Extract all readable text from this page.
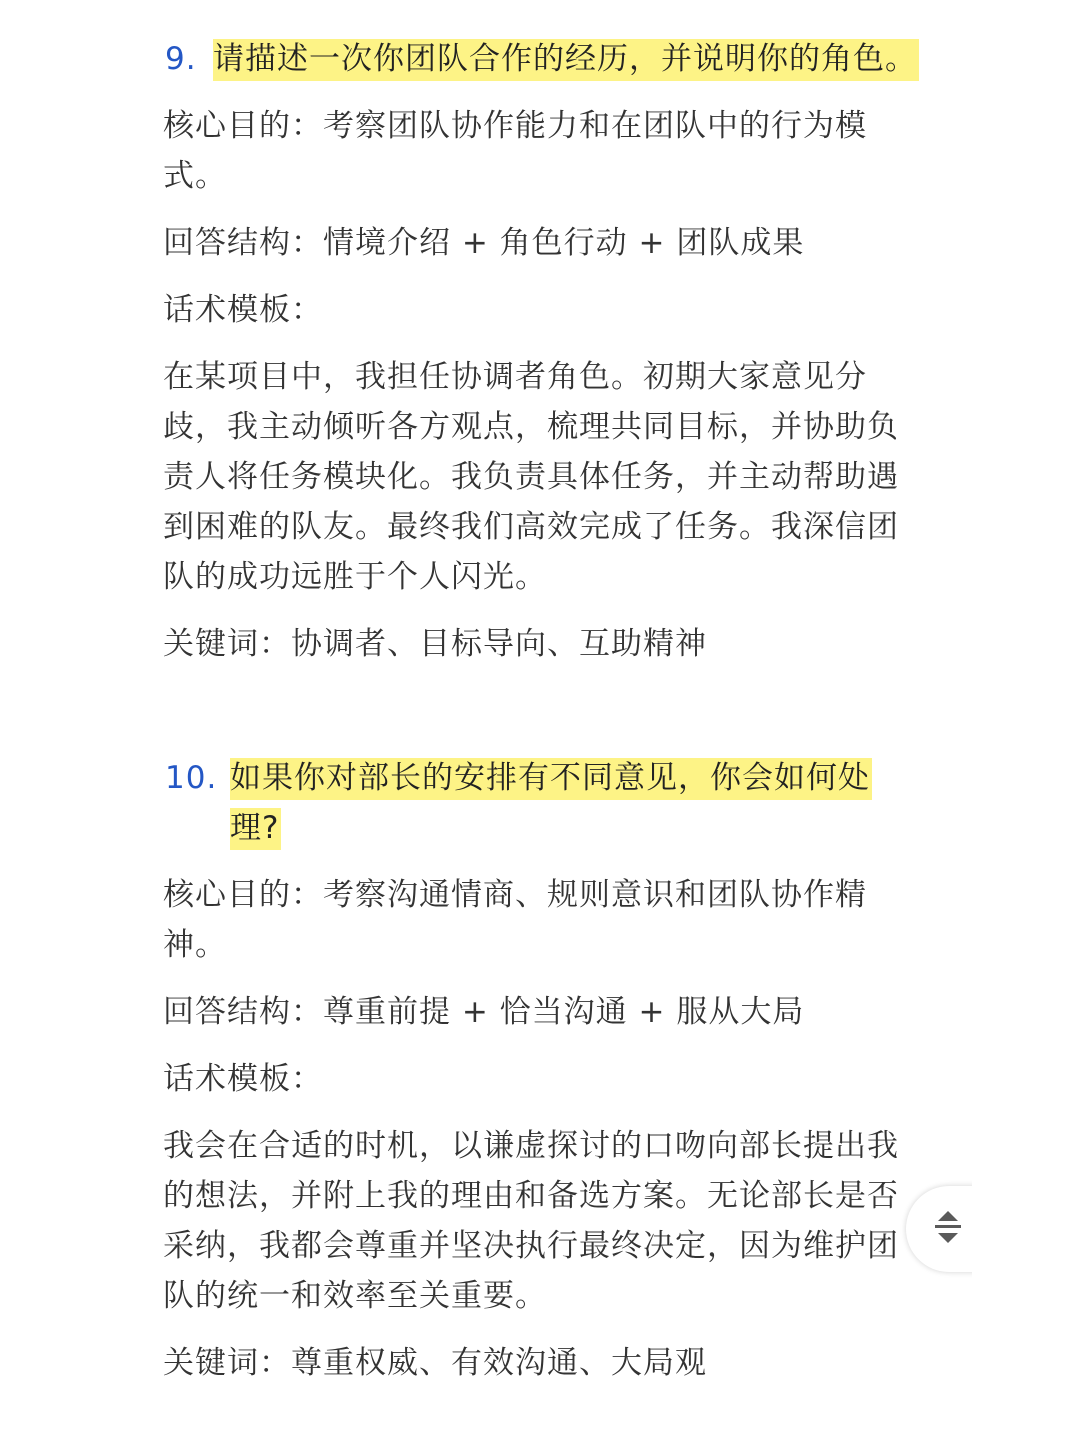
9. 请描述一次你团队合作的经历，并说明你的角色。

核心目的：考察团队协作能力和在团队中的行为模式。

回答结构：情境介绍 + 角色行动 + 团队成果

话术模板：

在某项目中，我担任协调者角色。初期大家意见分歧，我主动倾听各方观点，梳理共同目标，并协助负责人将任务模块化。我负责具体任务，并主动帮助遇到困难的队友。最终我们高效完成了任务。我深信团队的成功远胜于个人闪光。

关键词：协调者、目标导向、互助精神

10. 如果你对部长的安排有不同意见，你会如何处理?

核心目的：考察沟通情商、规则意识和团队协作精神。

回答结构：尊重前提 + 恰当沟通 + 服从大局

话术模板：

我会在合适的时机，以谦虚探讨的口吻向部长提出我的想法，并附上我的理由和备选方案。无论部长是否采纳，我都会尊重并坚决执行最终决定，因为维护团队的统一和效率至关重要。

关键词：尊重权威、有效沟通、大局观
